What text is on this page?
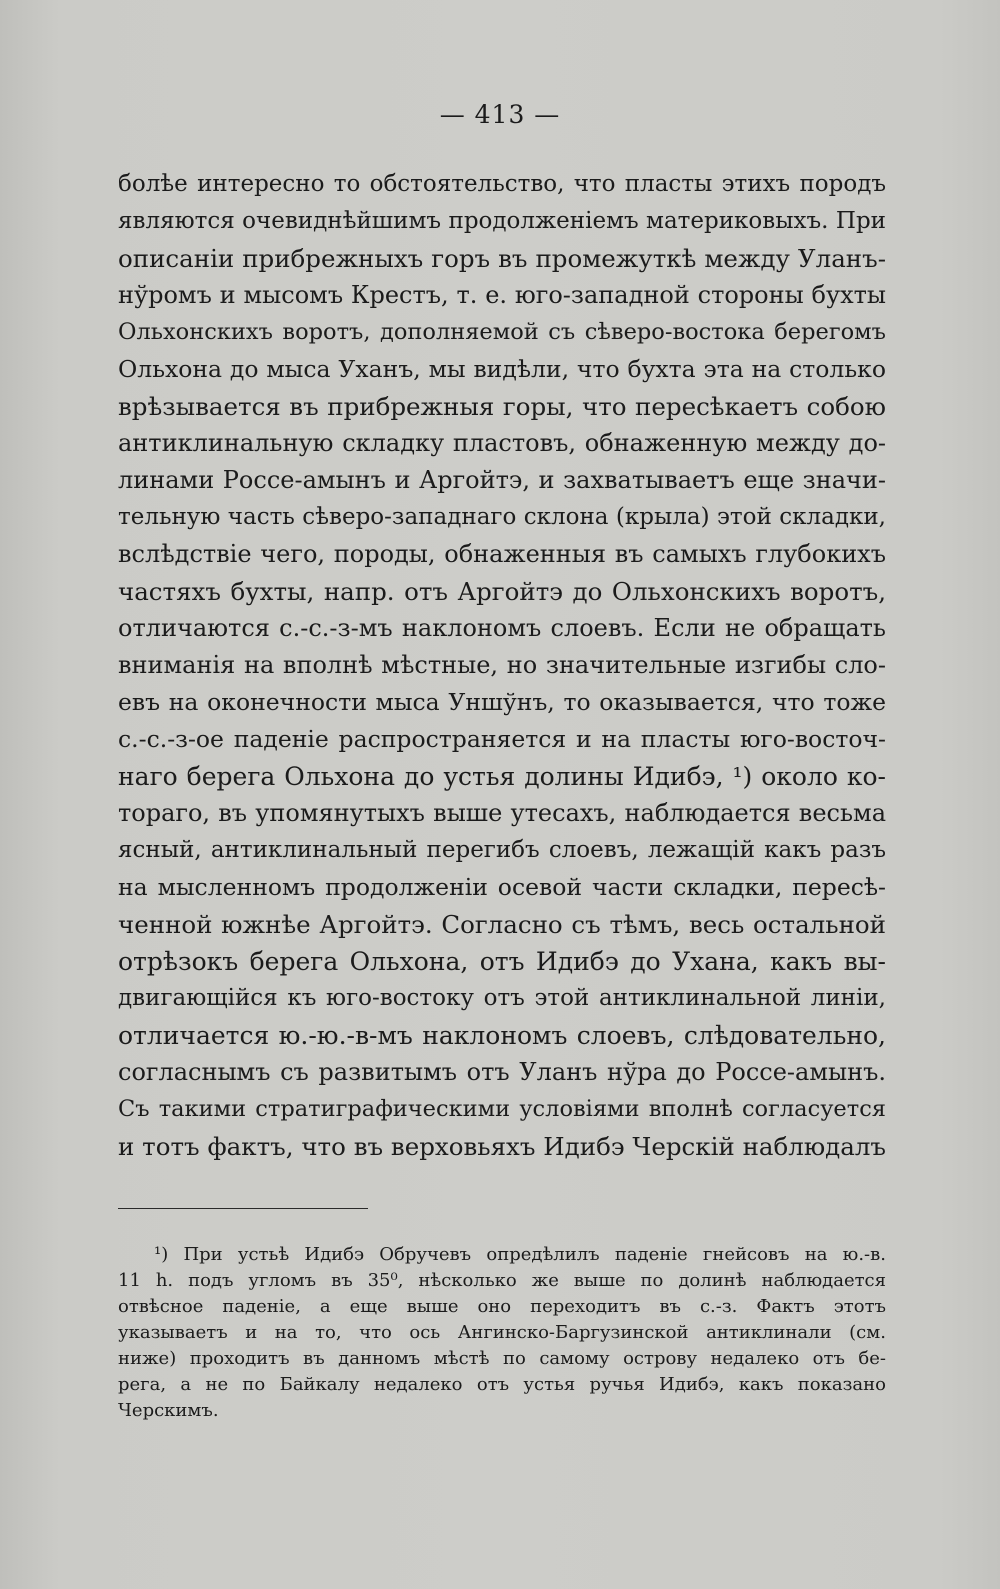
— 413 —
болѣе интересно то обстоятельство, что пласты этихъ породъ
являются очевиднѣйшимъ продолженіемъ материковыхъ. При
описаніи прибрежныхъ горъ въ промежуткѣ между Уланъ-
нўромъ и мысомъ Крестъ, т. е. юго-западной стороны бухты
Ольхонскихъ воротъ, дополняемой съ сѣверо-востока берегомъ
Ольхона до мыса Уханъ, мы видѣли, что бухта эта на столько
врѣзывается въ прибрежныя горы, что пересѣкаетъ собою
антиклинальную складку пластовъ, обнаженную между до-
линами Россе-амынъ и Аргойтэ, и захватываетъ еще значи-
тельную часть сѣверо-западнаго склона (крыла) этой складки,
вслѣдствіе чего, породы, обнаженныя въ самыхъ глубокихъ
частяхъ бухты, напр. отъ Аргойтэ до Ольхонскихъ воротъ,
отличаются с.-с.-з-мъ наклономъ слоевъ. Если не обращать
вниманія на вполнѣ мѣстные, но значительные изгибы сло-
евъ на оконечности мыса Уншўнъ, то оказывается, что тоже
с.-с.-з-ое паденіе распространяется и на пласты юго-восточ-
наго берега Ольхона до устья долины Идибэ, ¹) около ко-
тораго, въ упомянутыхъ выше утесахъ, наблюдается весьма
ясный, антиклинальный перегибъ слоевъ, лежащій какъ разъ
на мысленномъ продолженіи осевой части складки, пересѣ-
ченной южнѣе Аргойтэ. Согласно съ тѣмъ, весь остальной
отрѣзокъ берега Ольхона, отъ Идибэ до Ухана, какъ вы-
двигающійся къ юго-востоку отъ этой антиклинальной линіи,
отличается ю.-ю.-в-мъ наклономъ слоевъ, слѣдовательно,
согласнымъ съ развитымъ отъ Уланъ нўра до Россе-амынъ.
Съ такими стратиграфическими условіями вполнѣ согласуется
и тотъ фактъ, что въ верховьяхъ Идибэ Черскій наблюдалъ
¹) При устьѣ Идибэ Обручевъ опредѣлилъ паденіе гнейсовъ на ю.-в.
11 h. подъ угломъ въ 35⁰, нѣсколько же выше по долинѣ наблюдается
отвѣсное паденіе, а еще выше оно переходитъ въ с.-з. Фактъ этотъ
указываетъ и на то, что ось Ангинско-Баргузинской антиклинали (см.
ниже) проходитъ въ данномъ мѣстѣ по самому острову недалеко отъ бе-
рега, а не по Байкалу недалеко отъ устья ручья Идибэ, какъ показано
Черскимъ.
